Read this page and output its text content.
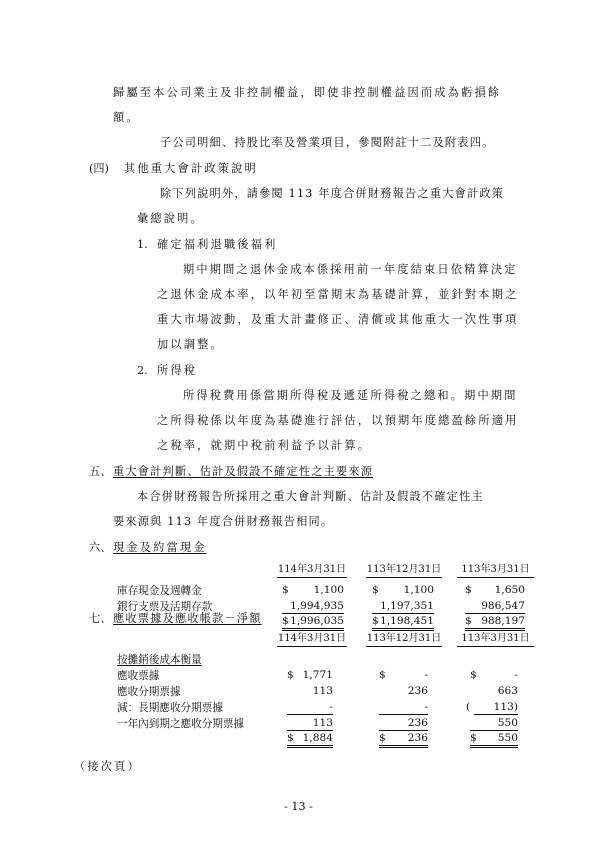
歸屬至本公司業主及非控制權益，即使非控制權益因而成為虧損餘
額。
子公司明細、持股比率及營業項目，參閱附註十二及附表四。
(四) 其他重大會計政策說明
除下列說明外，請參閱 113 年度合併財務報告之重大會計政策
彙總說明。
1. 確定福利退職後福利
期中期間之退休金成本係採用前一年度結束日依精算決定
之退休金成本率，以年初至當期末為基礎計算，並針對本期之
重大市場波動，及重大計畫修正、清償或其他重大一次性事項
加以調整。
2. 所得稅
所得稅費用係當期所得稅及遞延所得稅之總和。期中期間
之所得稅係以年度為基礎進行評估，以預期年度總盈餘所適用
之稅率，就期中稅前利益予以計算。
五、 重大會計判斷、估計及假設不確定性之主要來源
本合併財務報告所採用之重大會計判斷、估計及假設不確定性主
要來源與 113 年度合併財務報告相同。
六、 現金及約當現金
114年3月31日 113年12月31日	113年3月31日
庫存現金及週轉金	$ 1,100	$ 1,100	$ 1,650
銀行支票及活期存款	1,994,935	1,197,351	986,547
$ 1,996,035	$ 1,198,451	$ 988,197
七、 應收票據及應收帳款－淨額
114年3月31日 113年12月31日	113年3月31日
按攤銷後成本衡量
應收票據	$ 1,771	$	-	$	-
應收分期票據	113	236	663
減：長期應收分期票據	-	-	(	113)
一年內到期之應收分期票據	113	236	550
$ 1,884	$ 236	$ 550
（接次頁）
- 13 -
